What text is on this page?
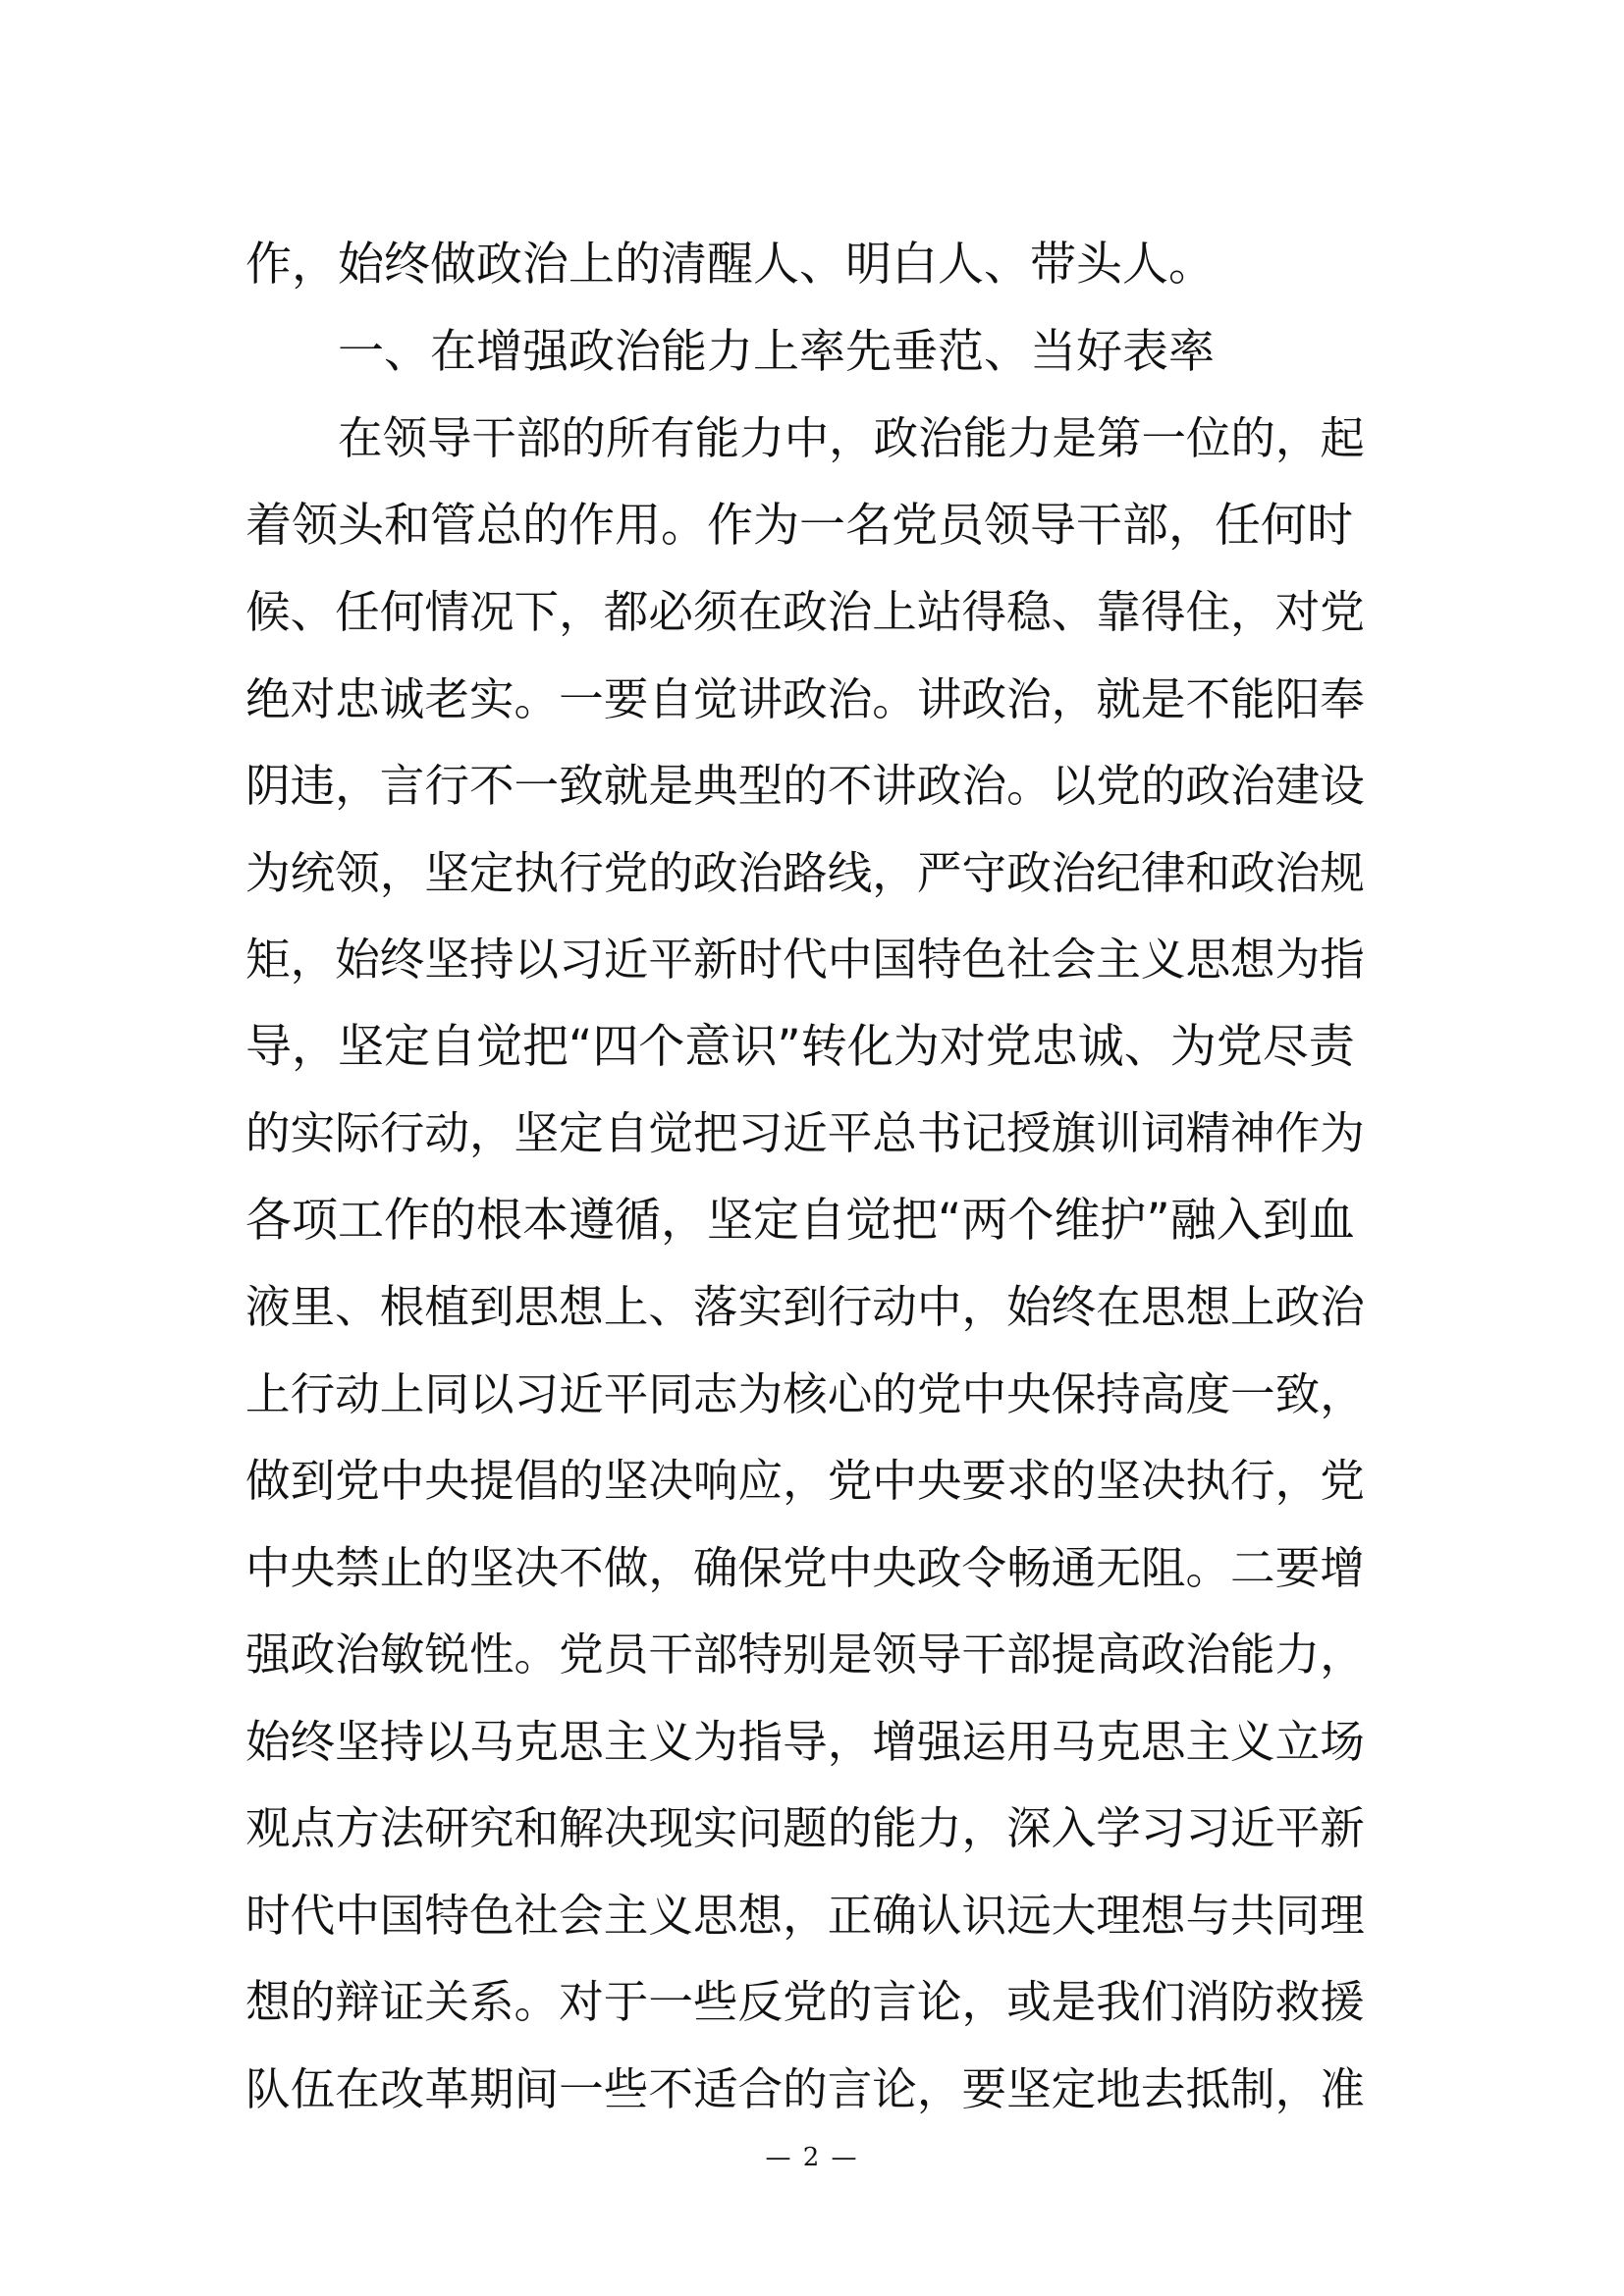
作，始终做政治上的清醒人、明白人、带头人。
一、在增强政治能力上率先垂范、当好表率
在领导干部的所有能力中，政治能力是第一位的，起
着领头和管总的作用。作为一名党员领导干部，任何时
候、任何情况下，都必须在政治上站得稳、靠得住，对党
绝对忠诚老实。一要自觉讲政治。讲政治，就是不能阳奉
阴违，言行不一致就是典型的不讲政治。以党的政治建设
为统领，坚定执行党的政治路线，严守政治纪律和政治规
矩，始终坚持以习近平新时代中国特色社会主义思想为指
导，坚定自觉把“四个意识”转化为对党忠诚、为党尽责
的实际行动，坚定自觉把习近平总书记授旗训词精神作为
各项工作的根本遵循，坚定自觉把“两个维护”融入到血
液里、根植到思想上、落实到行动中，始终在思想上政治
上行动上同以习近平同志为核心的党中央保持高度一致，
做到党中央提倡的坚决响应，党中央要求的坚决执行，党
中央禁止的坚决不做，确保党中央政令畅通无阻。二要增
强政治敏锐性。党员干部特别是领导干部提高政治能力，
始终坚持以马克思主义为指导，增强运用马克思主义立场
观点方法研究和解决现实问题的能力，深入学习习近平新
时代中国特色社会主义思想，正确认识远大理想与共同理
想的辩证关系。对于一些反党的言论，或是我们消防救援
队伍在改革期间一些不适合的言论，要坚定地去抵制，准
— 2 —
